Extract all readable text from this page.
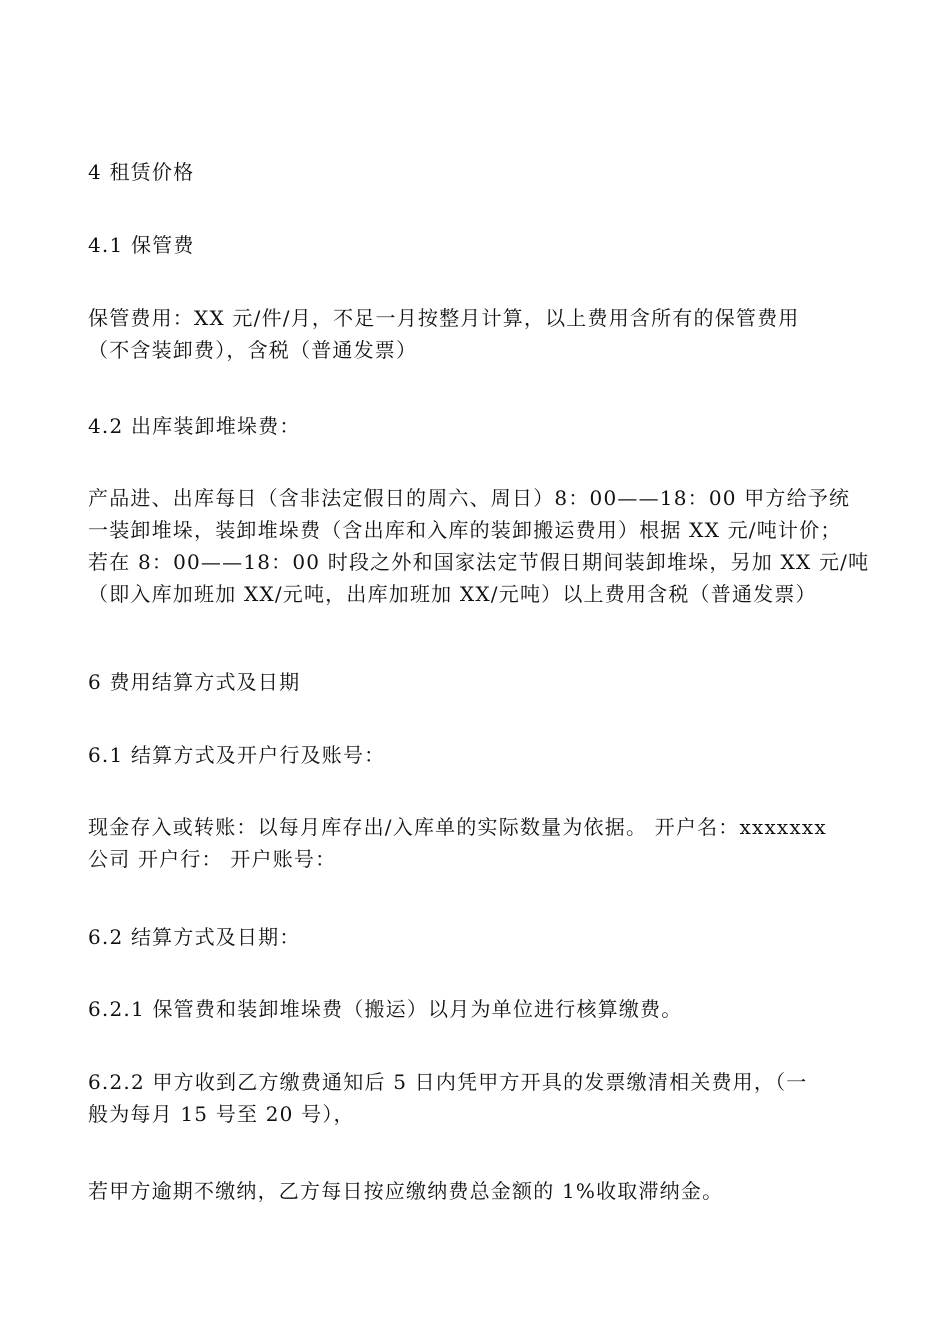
4 租赁价格
4.1 保管费
保管费用：XX 元/件/月，不足一月按整月计算，以上费用含所有的保管费用
（不含装卸费），含税（普通发票）
4.2 出库装卸堆垛费：
产品进、出库每日（含非法定假日的周六、周日）8：00——18：00 甲方给予统
一装卸堆垛，装卸堆垛费（含出库和入库的装卸搬运费用）根据 XX 元/吨计价；
若在 8：00——18：00 时段之外和国家法定节假日期间装卸堆垛，另加 XX 元/吨
（即入库加班加 XX/元吨，出库加班加 XX/元吨）以上费用含税（普通发票）
6 费用结算方式及日期
6.1 结算方式及开户行及账号：
现金存入或转账：以每月库存出/入库单的实际数量为依据。 开户名：xxxxxxx
公司 开户行： 开户账号：
6.2 结算方式及日期：
6.2.1 保管费和装卸堆垛费（搬运）以月为单位进行核算缴费。
6.2.2 甲方收到乙方缴费通知后 5 日内凭甲方开具的发票缴清相关费用，（一
般为每月 15 号至 20 号），
若甲方逾期不缴纳，乙方每日按应缴纳费总金额的 1%收取滞纳金。
